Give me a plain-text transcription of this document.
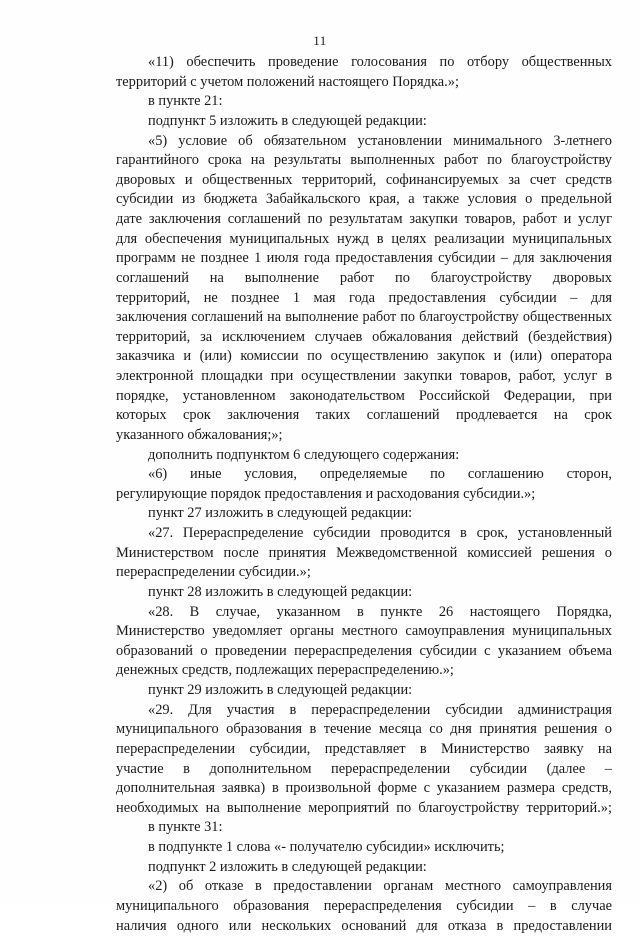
11
«11) обеспечить проведение голосования по отбору общественных
территорий с учетом положений настоящего Порядка.»;
в пункте 21:
подпункт 5 изложить в следующей редакции:
«5) условие об обязательном установлении минимального 3-летнего
гарантийного срока на результаты выполненных работ по благоустройству
дворовых и общественных территорий, софинансируемых за счет средств
субсидии из бюджета Забайкальского края, а также условия о предельной
дате заключения соглашений по результатам закупки товаров, работ и услуг
для обеспечения муниципальных нужд в целях реализации муниципальных
программ не позднее 1 июля года предоставления субсидии – для заключения
соглашений на выполнение работ по благоустройству дворовых
территорий, не позднее 1 мая года предоставления субсидии – для
заключения соглашений на выполнение работ по благоустройству общественных
территорий, за исключением случаев обжалования действий (бездействия)
заказчика и (или) комиссии по осуществлению закупок и (или) оператора
электронной площадки при осуществлении закупки товаров, работ, услуг в
порядке, установленном законодательством Российской Федерации, при
которых срок заключения таких соглашений продлевается на срок
указанного обжалования;»;
дополнить подпунктом 6 следующего содержания:
«6) иные условия, определяемые по соглашению сторон,
регулирующие порядок предоставления и расходования субсидии.»;
пункт 27 изложить в следующей редакции:
«27. Перераспределение субсидии проводится в срок, установленный
Министерством после принятия Межведомственной комиссией решения о
перераспределении субсидии.»;
пункт 28 изложить в следующей редакции:
«28. В случае, указанном в пункте 26 настоящего Порядка,
Министерство уведомляет органы местного самоуправления муниципальных
образований о проведении перераспределения субсидии с указанием объема
денежных средств, подлежащих перераспределению.»;
пункт 29 изложить в следующей редакции:
«29. Для участия в перераспределении субсидии администрация
муниципального образования в течение месяца со дня принятия решения о
перераспределении субсидии, представляет в Министерство заявку на
участие в дополнительном перераспределении субсидии (далее –
дополнительная заявка) в произвольной форме с указанием размера средств,
необходимых на выполнение мероприятий по благоустройству территорий.»;
в пункте 31:
в подпункте 1 слова «- получателю субсидии» исключить;
подпункт 2 изложить в следующей редакции:
«2) об отказе в предоставлении органам местного самоуправления
муниципального образования перераспределения субсидии – в случае
наличия одного или нескольких оснований для отказа в предоставлении
